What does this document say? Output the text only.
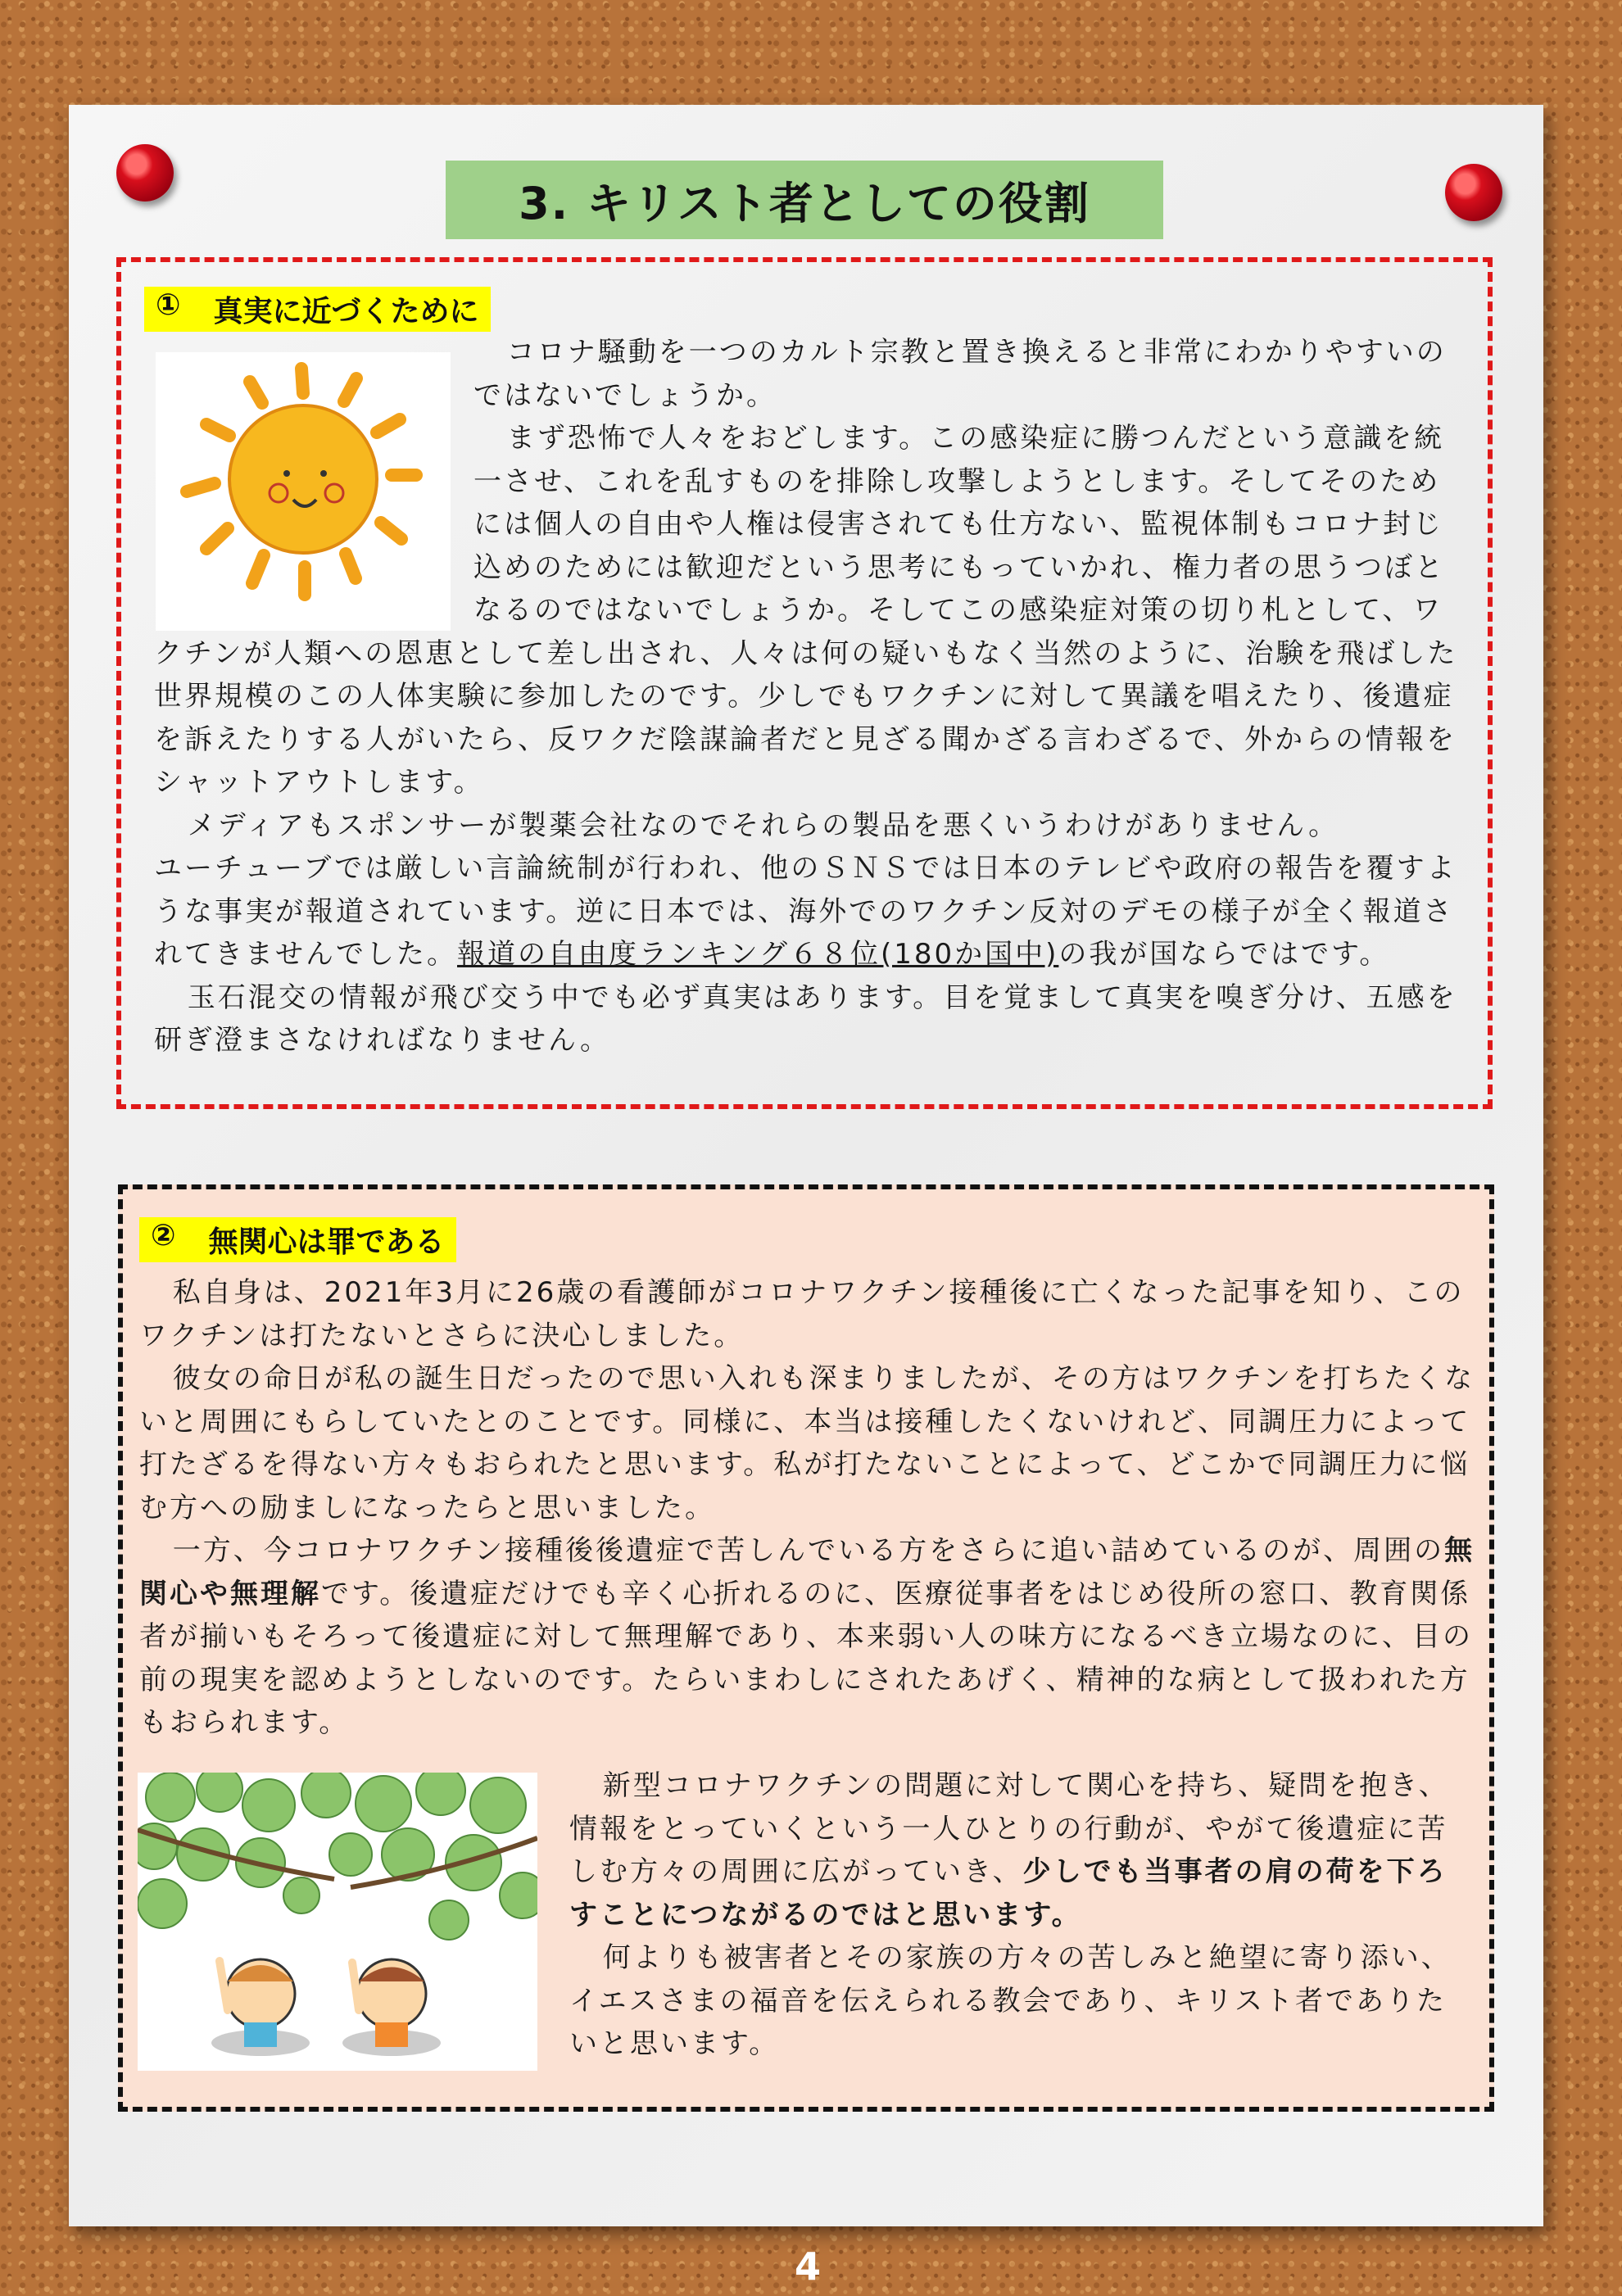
3. キリスト者としての役割
① 真実に近づくために

コロナ騒動を一つのカルト宗教と置き換えると非常にわかりやすいのではないでしょうか。

まず恐怖で人々をおどします。この感染症に勝つんだという意識を統一させ、これを乱すものを排除し攻撃しようとします。そしてそのためには個人の自由や人権は侵害されても仕方ない、監視体制もコロナ封じ込めのためには歓迎だという思考にもっていかれ、権力者の思うつぼとなるのではないでしょうか。そしてこの感染症対策の切り札として、ワクチンが人類への恩恵として差し出され、人々は何の疑いもなく当然のように、治験を飛ばした世界規模のこの人体実験に参加したのです。少しでもワクチンに対して異議を唱えたり、後遺症を訴えたりする人がいたら、反ワクだ陰謀論者だと見ざる聞かざる言わざるで、外からの情報をシャットアウトします。

メディアもスポンサーが製薬会社なのでそれらの製品を悪くいうわけがありません。

ユーチューブでは厳しい言論統制が行われ、他のＳＮＳでは日本のテレビや政府の報告を覆すような事実が報道されています。逆に日本では、海外でのワクチン反対のデモの様子が全く報道されてきませんでした。報道の自由度ランキング６８位(180か国中)の我が国ならではです。

玉石混交の情報が飛び交う中でも必ず真実はあります。目を覚まして真実を嗅ぎ分け、五感を研ぎ澄まさなければなりません。

② 無関心は罪である

私自身は、2021年3月に26歳の看護師がコロナワクチン接種後に亡くなった記事を知り、このワクチンは打たないとさらに決心しました。

彼女の命日が私の誕生日だったので思い入れも深まりましたが、その方はワクチンを打ちたくないと周囲にもらしていたとのことです。同様に、本当は接種したくないけれど、同調圧力によって打たざるを得ない方々もおられたと思います。私が打たないことによって、どこかで同調圧力に悩む方への励ましになったらと思いました。

一方、今コロナワクチン接種後後遺症で苦しんでいる方をさらに追い詰めているのが、周囲の無関心や無理解です。後遺症だけでも辛く心折れるのに、医療従事者をはじめ役所の窓口、教育関係者が揃いもそろって後遺症に対して無理解であり、本来弱い人の味方になるべき立場なのに、目の前の現実を認めようとしないのです。たらいまわしにされたあげく、精神的な病として扱われた方もおられます。

新型コロナワクチンの問題に対して関心を持ち、疑問を抱き、情報をとっていくという一人ひとりの行動が、やがて後遺症に苦しむ方々の周囲に広がっていき、少しでも当事者の肩の荷を下ろすことにつながるのではと思います。

何よりも被害者とその家族の方々の苦しみと絶望に寄り添い、イエスさまの福音を伝えられる教会であり、キリスト者でありたいと思います。

4
